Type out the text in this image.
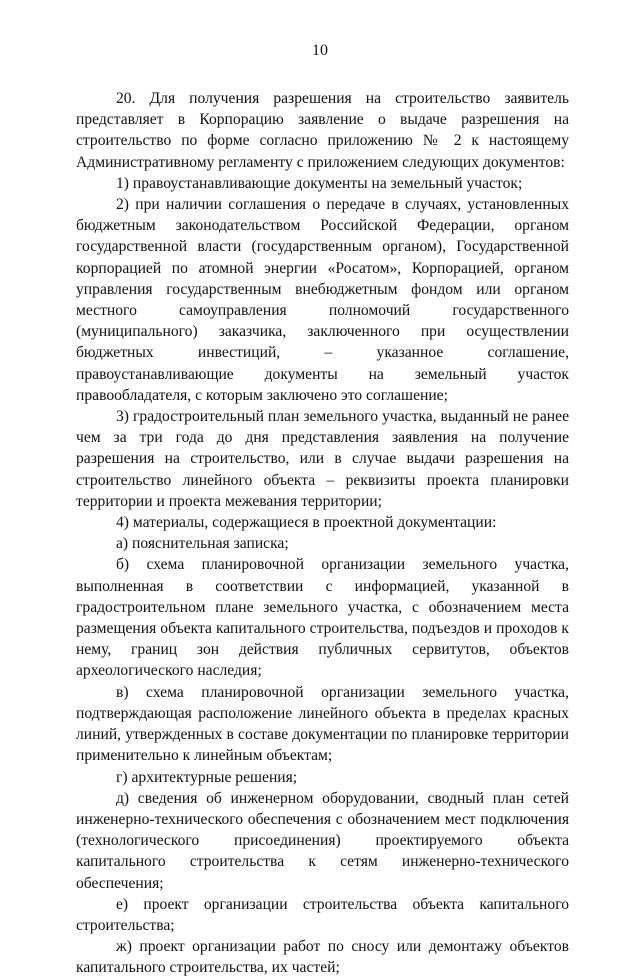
10

20. Для получения разрешения на строительство заявитель представляет в Корпорацию заявление о выдаче разрешения на строительство по форме согласно приложению № 2 к настоящему Административному регламенту с приложением следующих документов:

1) правоустанавливающие документы на земельный участок;

2) при наличии соглашения о передаче в случаях, установленных бюджетным законодательством Российской Федерации, органом государственной власти (государственным органом), Государственной корпорацией по атомной энергии «Росатом», Корпорацией, органом управления государственным внебюджетным фондом или органом местного самоуправления полномочий государственного (муниципального) заказчика, заключенного при осуществлении бюджетных инвестиций, – указанное соглашение, правоустанавливающие документы на земельный участок правообладателя, с которым заключено это соглашение;

3) градостроительный план земельного участка, выданный не ранее чем за три года до дня представления заявления на получение разрешения на строительство, или в случае выдачи разрешения на строительство линейного объекта – реквизиты проекта планировки территории и проекта межевания территории;

4) материалы, содержащиеся в проектной документации:

а) пояснительная записка;

б) схема планировочной организации земельного участка, выполненная в соответствии с информацией, указанной в градостроительном плане земельного участка, с обозначением места размещения объекта капитального строительства, подъездов и проходов к нему, границ зон действия публичных сервитутов, объектов археологического наследия;

в) схема планировочной организации земельного участка, подтверждающая расположение линейного объекта в пределах красных линий, утвержденных в составе документации по планировке территории применительно к линейным объектам;

г) архитектурные решения;

д) сведения об инженерном оборудовании, сводный план сетей инженерно-технического обеспечения с обозначением мест подключения (технологического присоединения) проектируемого объекта капитального строительства к сетям инженерно-технического обеспечения;

е) проект организации строительства объекта капитального строительства;

ж) проект организации работ по сносу или демонтажу объектов капитального строительства, их частей;
